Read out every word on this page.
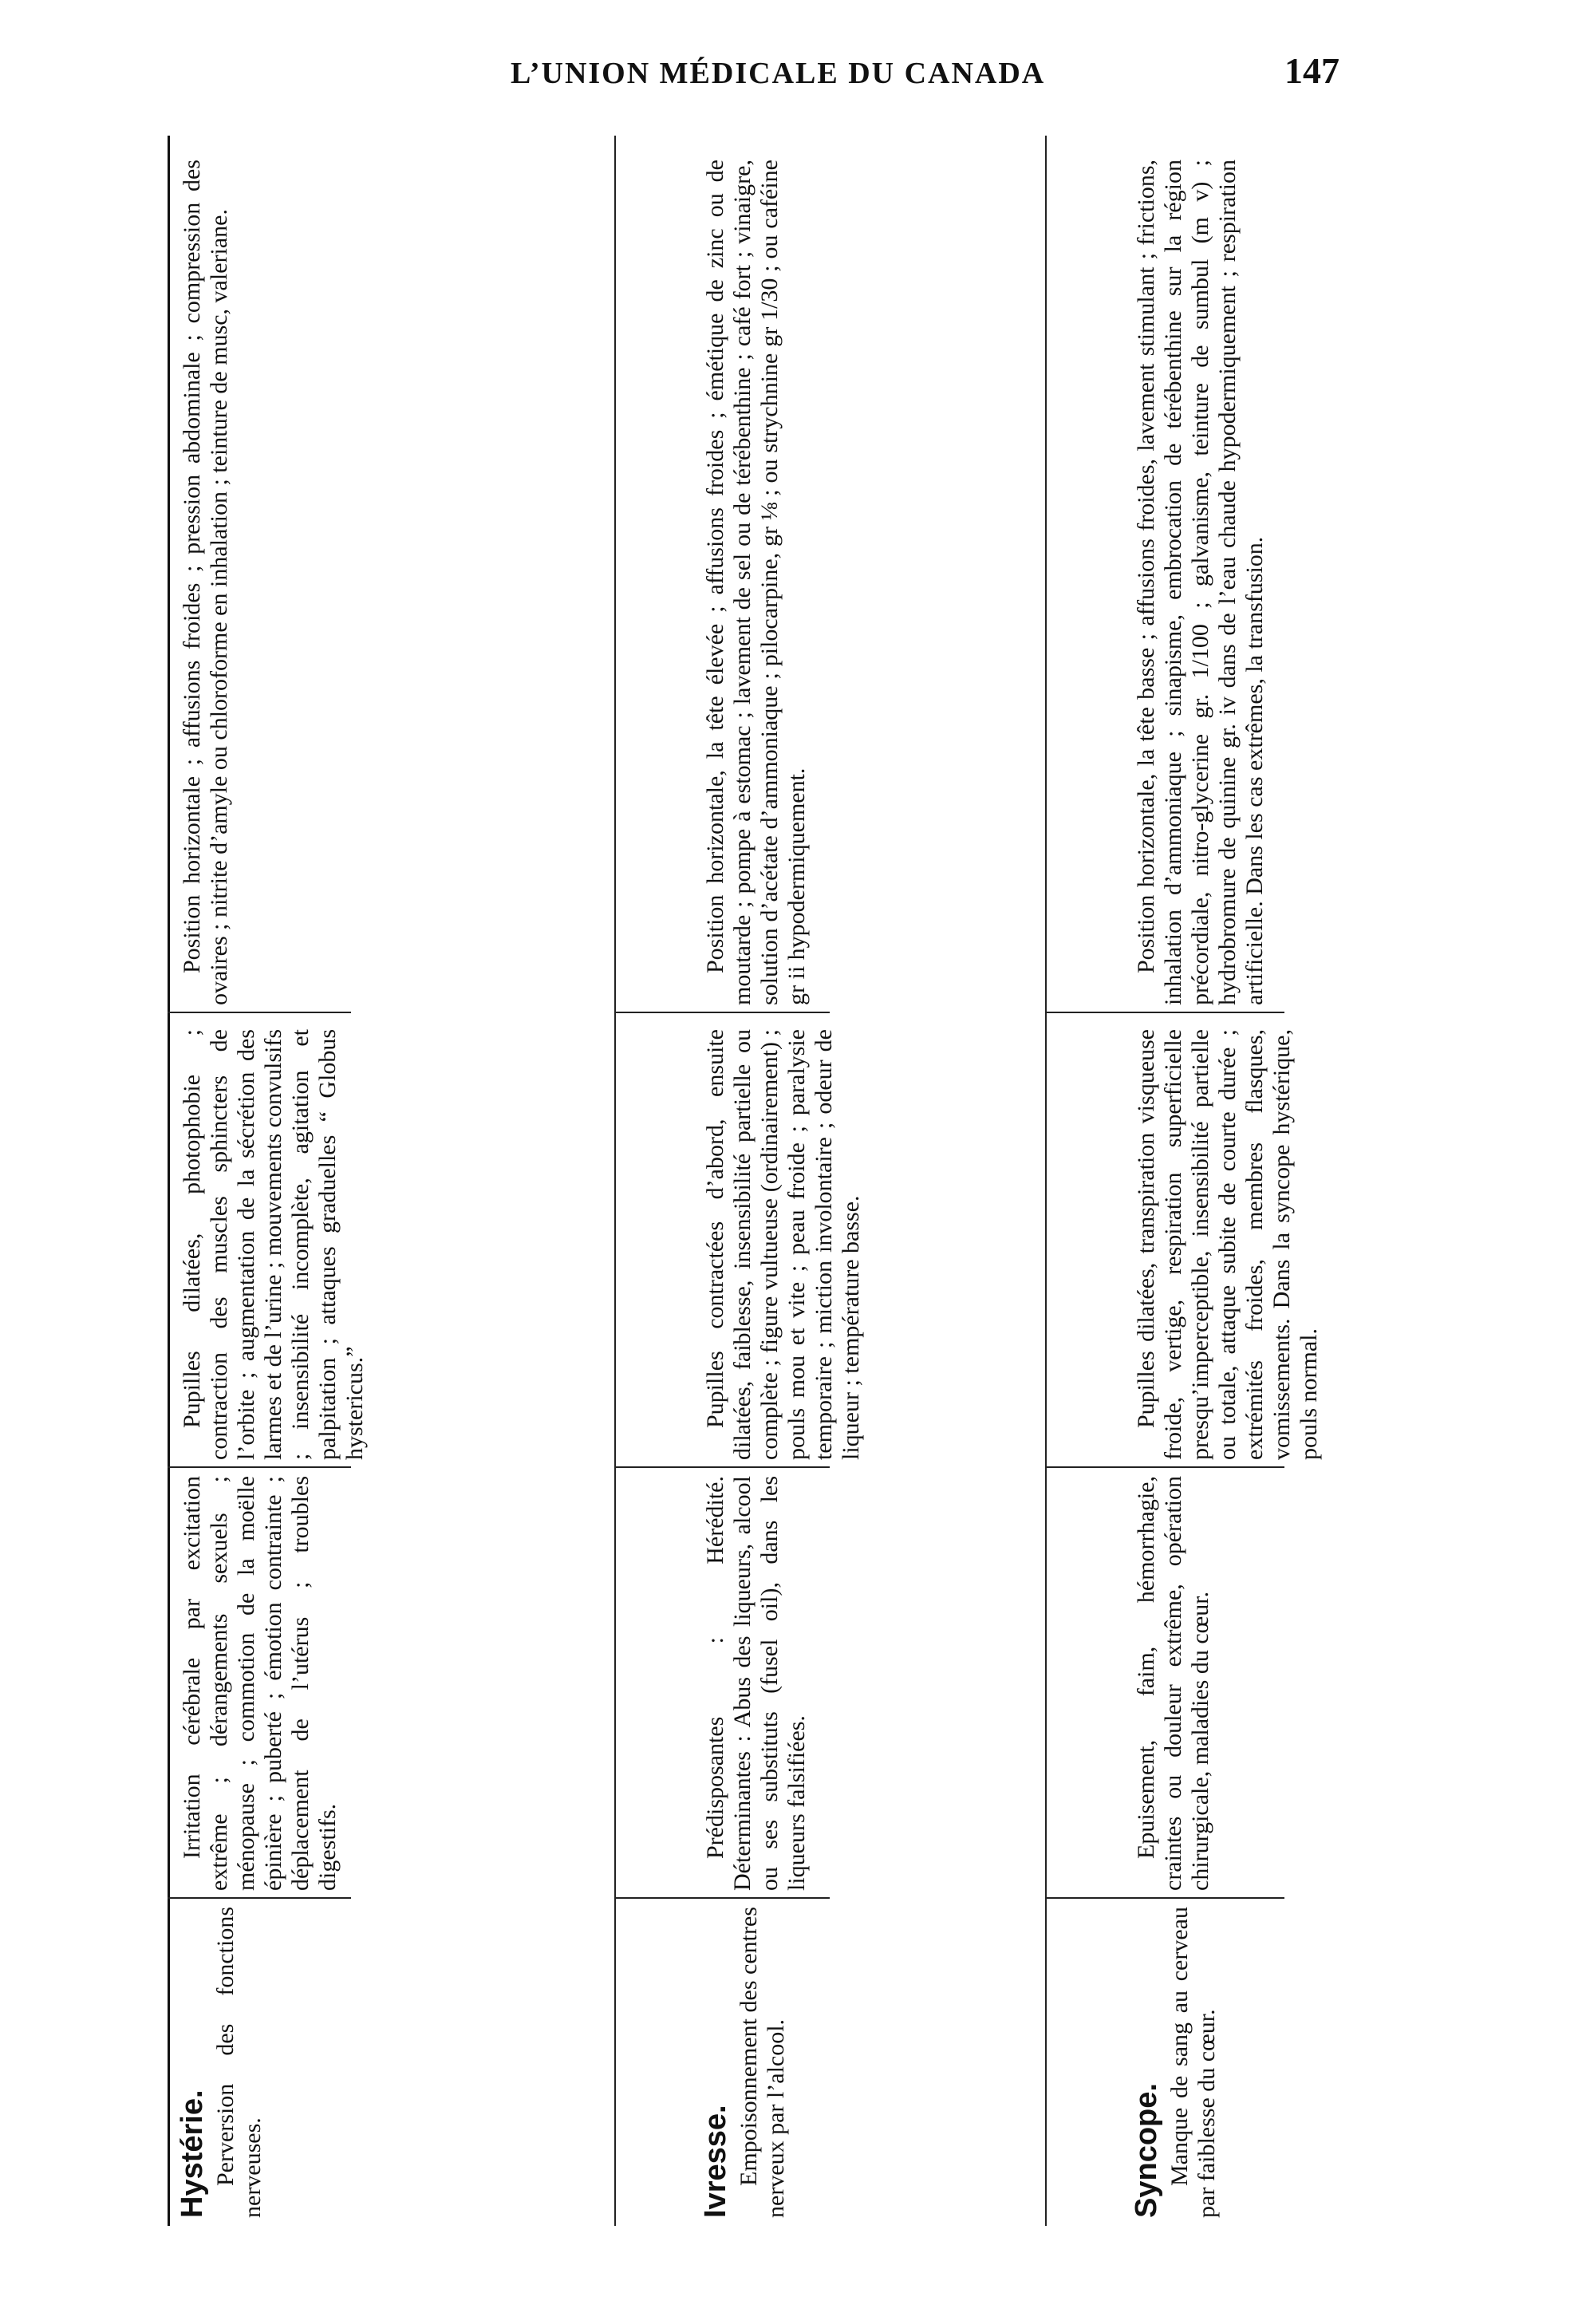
L’UNION MÉDICALE DU CANADA	147
Hystérie. Perversion des fonctions nerveuses.

Irritation cérébrale par excitation extrême ; dérangements sexuels ; ménopause ; commotion de la moëlle épinière ; puberté ; émotion contrainte ; déplacement de l’utérus ; troubles digestifs.

Pupilles dilatées, photophobie ; contraction des muscles sphincters de l’orbite ; augmentation de la sécrétion des larmes et de l’urine ; mouvements convulsifs ; insensibilité incomplète, agitation et palpitation ; attaques graduelles “ Globus hystericus.”

Position horizontale ; affusions froides ; pression abdominale ; compression des ovaires ; nitrite d’amyle ou chloroforme en inhalation ; teinture de musc, valeriane.

Ivresse. Empoisonnement des centres nerveux par l’alcool.

Prédisposantes : Hérédité. Déterminantes : Abus des liqueurs, alcool ou ses substituts (fusel oil), dans les liqueurs falsifiées.

Pupilles contractées d’abord, ensuite dilatées, faiblesse, insensibilité partielle ou complète ; figure vultueuse (ordinairement) ; pouls mou et vite ; peau froide ; paralysie temporaire ; miction involontaire ; odeur de liqueur ; température basse.

Position horizontale, la tête élevée ; affusions froides ; émétique de zinc ou de moutarde ; pompe à estomac ; lavement de sel ou de térébenthine ; café fort ; vinaigre, solution d’acétate d’ammoniaque ; pilocarpine, gr ⅛ ; ou strychnine gr 1/30 ; ou caféine gr ii hypodermiquement.

Syncope. Manque de sang au cerveau par faiblesse du cœur.

Epuisement, faim, hémorrhagie, craintes ou douleur extrême, opération chirurgicale, maladies du cœur.

Pupilles dilatées, transpiration visqueuse froide, vertige, respiration superficielle presqu’imperceptible, insensibilité partielle ou totale, attaque subite de courte durée ; extrémités froides, membres flasques, vomissements. Dans la syncope hystérique, pouls normal.

Position horizontale, la tête basse ; affusions froides, lavement stimulant ; frictions, inhalation d’ammoniaque ; sinapisme, embrocation de térébenthine sur la région précordiale, nitro-glycerine gr. 1/100 ; galvanisme, teinture de sumbul (m v) ; hydrobromure de quinine gr. iv dans de l’eau chaude hypodermiquement ; respiration artificielle. Dans les cas extrêmes, la transfusion.
